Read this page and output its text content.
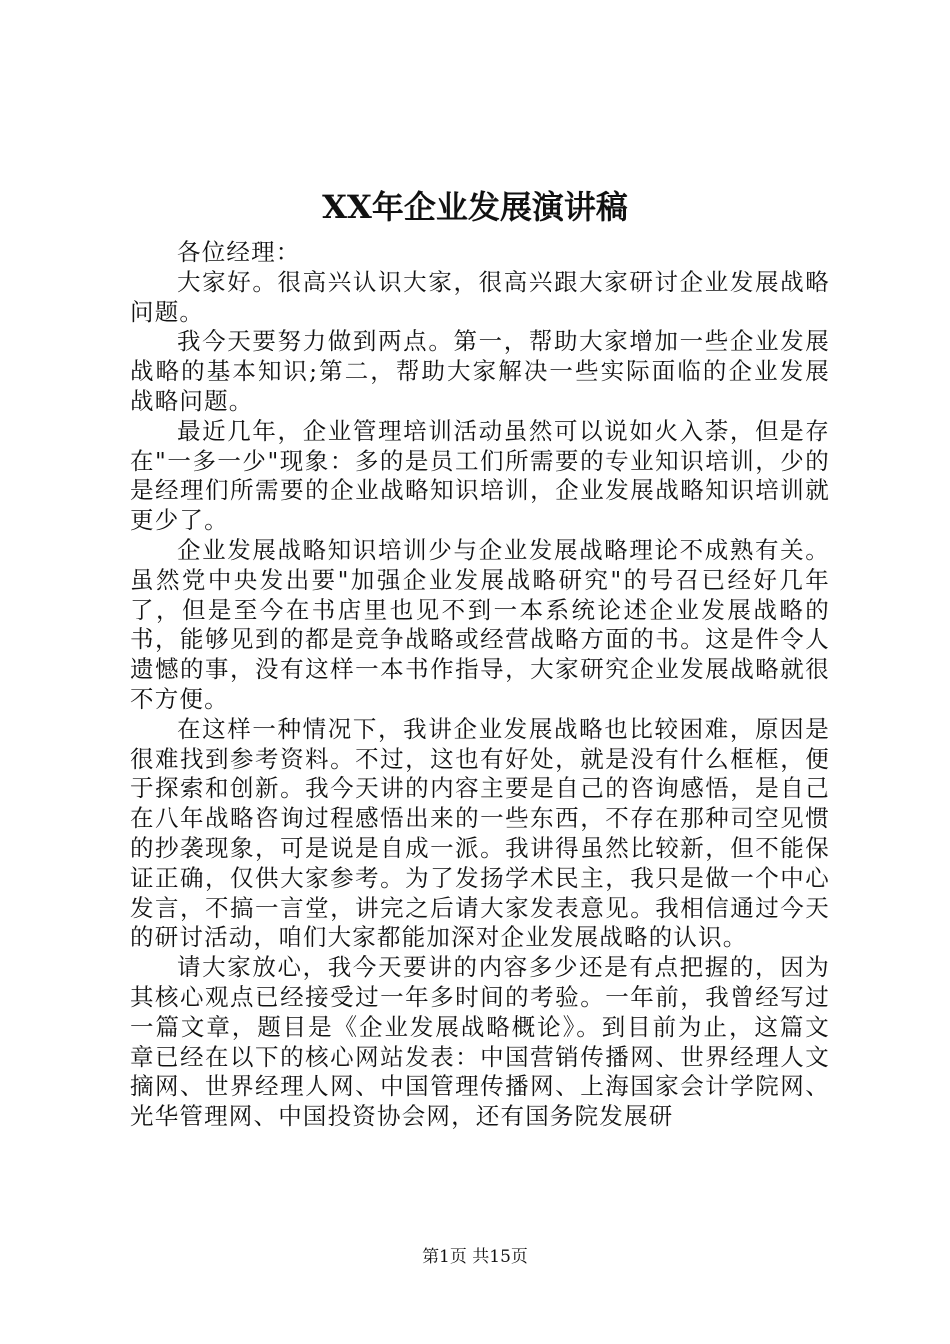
XX年企业发展演讲稿

各位经理：

大家好。很高兴认识大家，很高兴跟大家研讨企业发展战略问题。

我今天要努力做到两点。第一，帮助大家增加一些企业发展战略的基本知识;第二，帮助大家解决一些实际面临的企业发展战略问题。

最近几年，企业管理培训活动虽然可以说如火入荼，但是存在"一多一少"现象：多的是员工们所需要的专业知识培训，少的是经理们所需要的企业战略知识培训，企业发展战略知识培训就更少了。

企业发展战略知识培训少与企业发展战略理论不成熟有关。虽然党中央发出要"加强企业发展战略研究"的号召已经好几年了，但是至今在书店里也见不到一本系统论述企业发展战略的书，能够见到的都是竞争战略或经营战略方面的书。这是件令人遗憾的事，没有这样一本书作指导，大家研究企业发展战略就很不方便。

在这样一种情况下，我讲企业发展战略也比较困难，原因是很难找到参考资料。不过，这也有好处，就是没有什么框框，便于探索和创新。我今天讲的内容主要是自己的咨询感悟，是自己在八年战略咨询过程感悟出来的一些东西，不存在那种司空见惯的抄袭现象，可是说是自成一派。我讲得虽然比较新，但不能保证正确，仅供大家参考。为了发扬学术民主，我只是做一个中心发言，不搞一言堂，讲完之后请大家发表意见。我相信通过今天的研讨活动，咱们大家都能加深对企业发展战略的认识。

请大家放心，我今天要讲的内容多少还是有点把握的，因为其核心观点已经接受过一年多时间的考验。一年前，我曾经写过一篇文章，题目是《企业发展战略概论》。到目前为止，这篇文章已经在以下的核心网站发表：中国营销传播网、世界经理人文摘网、世界经理人网、中国管理传播网、上海国家会计学院网、光华管理网、中国投资协会网，还有国务院发展研

第1页 共15页
